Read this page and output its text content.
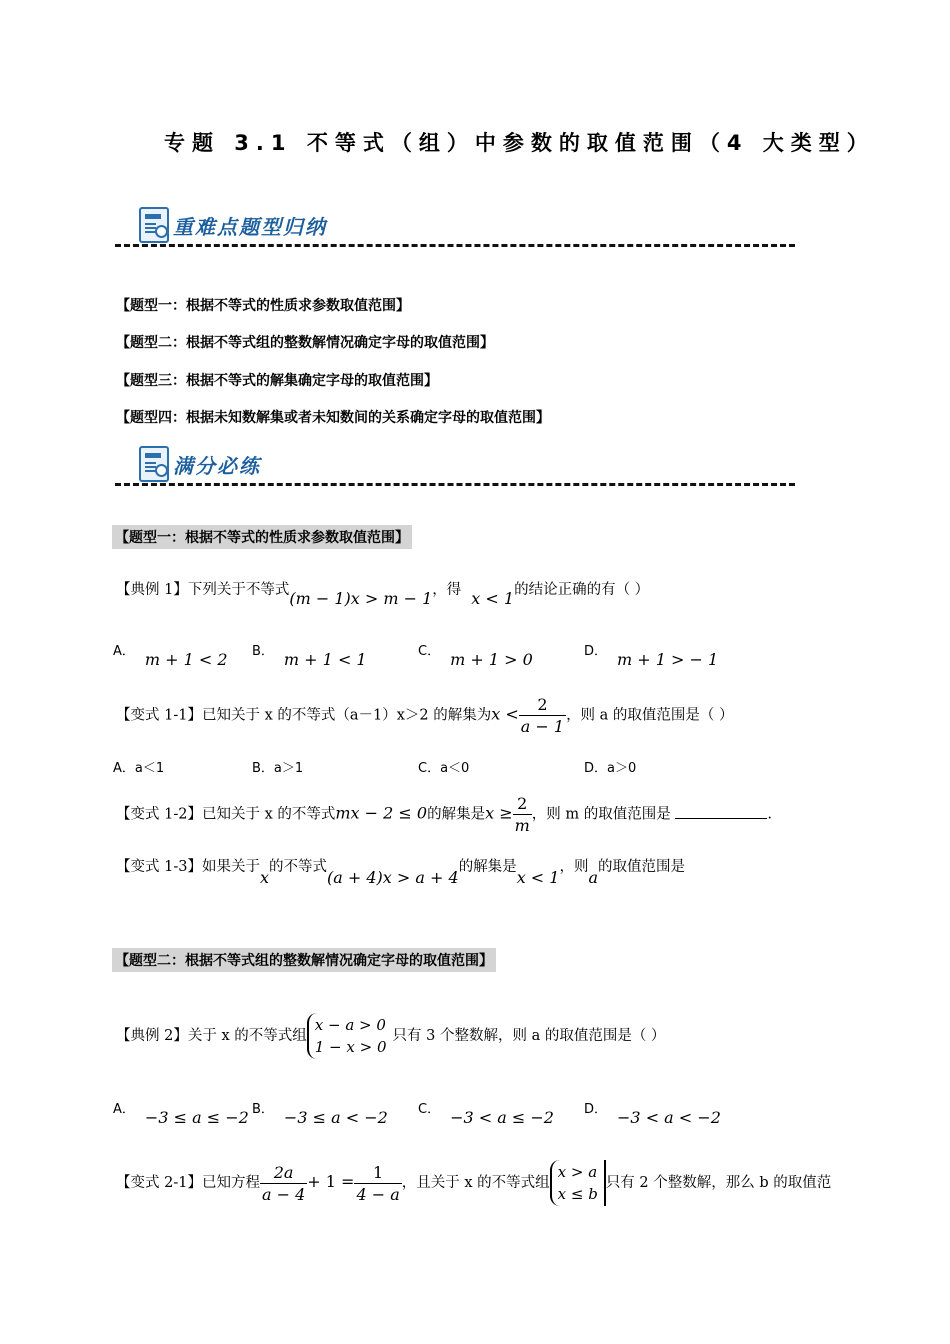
专题 3.1 不等式（组）中参数的取值范围（4 大类型）
重难点题型归纳
【题型一：根据不等式的性质求参数取值范围】
【题型二：根据不等式组的整数解情况确定字母的取值范围】
【题型三：根据不等式的解集确定字母的取值范围】
【题型四：根据未知数解集或者未知数间的关系确定字母的取值范围】
满分必练
【题型一：根据不等式的性质求参数取值范围】
【典例 1】下列关于不等式(m − 1)x > m − 1，得 x < 1的结论正确的有（ ）
A． m + 1 < 2 B． m + 1 < 1	C． m + 1 > 0	D． m + 1 > − 1
【变式 1-1】已知关于 x 的不等式（a－1）x＞2 的解集为$x < \frac{2}{a - 1}$ ，则 a 的取值范围是（ ）
A．a＜1	B．a＞1	C．a＜0	D．a＞0
【变式 1-2】已知关于 x 的不等式mx − 2 ≤ 0的解集是$x \ge \frac{2}{m}$ ，则 m 的取值范围是	.
【变式 1-3】如果关于x的不等式(a + 4)x > a + 4的解集是x < 1，则a的取值范围是
【题型二：根据不等式组的整数解情况确定字母的取值范围】
【典例 2】关于 x 的不等式组
x − a > 0
1 − x > 0
只有 3 个整数解，则 a 的取值范围是（ ）
A． −3 ≤ a ≤ −2 B． −3 ≤ a < −2 C． −3 < a ≤ −2 D． −3 < a < −2
【变式 2-1】已知方程 $\frac{2a}{a - 4} + 1 = \frac{1}{4 - a}$ ，且关于 x 的不等式组
x > a
x ≤ b
只有 2 个整数解，那么 b 的取值范
